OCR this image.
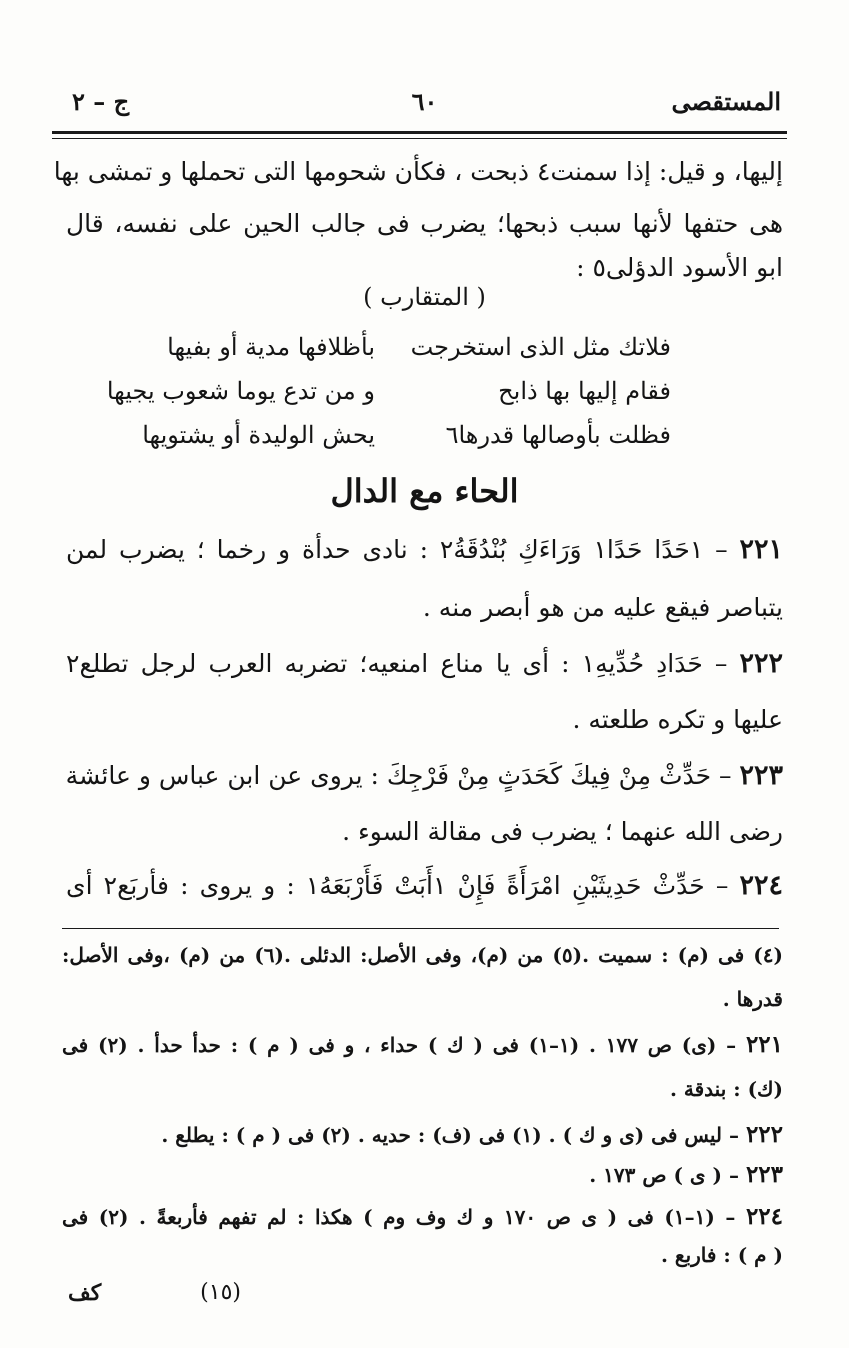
المستقصى
٦٠
ج – ٢
إليها، و قيل: إذا سمنت٤ ذبحت ، فكأن شحومها التى تحملها و تمشى بها
هى حتفها لأنها سبب ذبحها؛ يضرب فى جالب الحين على نفسه، قال
ابو الأسود الدؤلى٥ :
( المتقارب )
فلاتك مثل الذى استخرجت
بأظلافها مدية أو بفيها
فقام إليها بها ذابح
و من تدع يوما شعوب يجيها
فظلت بأوصالها قدرها٦
يحش الوليدة أو يشتويها
الحاء مع الدال
٢٢١ – ١حَدًا حَدًا١ وَرَاءَكِ بُنْدُقَةُ٢ : نادى حدأة و رخما ؛ يضرب لمن
يتباصر فيقع عليه من هو أبصر منه .
٢٢٢ – حَدَادِ حُدِّيهِ١ : أى يا مناع امنعيه؛ تضربه العرب لرجل تطلع٢
عليها و تكره طلعته .
٢٢٣ – حَدِّثْ مِنْ فِيكَ كَحَدَثٍ مِنْ فَرْجِكَ : يروى عن ابن عباس و عائشة
رضى الله عنهما ؛ يضرب فى مقالة السوء .
٢٢٤ – حَدِّثْ حَدِيثَيْنِ امْرَأَةً فَإِنْ ١أَبَتْ فَأَرْبَعَهُ١ : و يروى : فأربَع٢ أى
(٤) فى (م) : سميت .(٥) من (م)، وفى الأصل: الدئلى .(٦) من (م) ،وفى الأصل:
قدرها .
٢٢١ – (ى) ص ١٧٧ . (١–١) فى ( ك ) حداء ، و فى ( م ) : حدأ حدأ . (٢) فى
(ك) : بندقة .
٢٢٢ – ليس فى (ى و ك ) . (١) فى (ف) : حديه . (٢) فى ( م ) : يطلع .
٢٢٣ – ( ى ) ص ١٧٣ .
٢٢٤ – (١–١) فى ( ى ص ١٧٠ و ك وف وم ) هكذا : لم تفهم فأربعةً . (٢) فى
( م ) : فاربع .
(١٥)
كف
